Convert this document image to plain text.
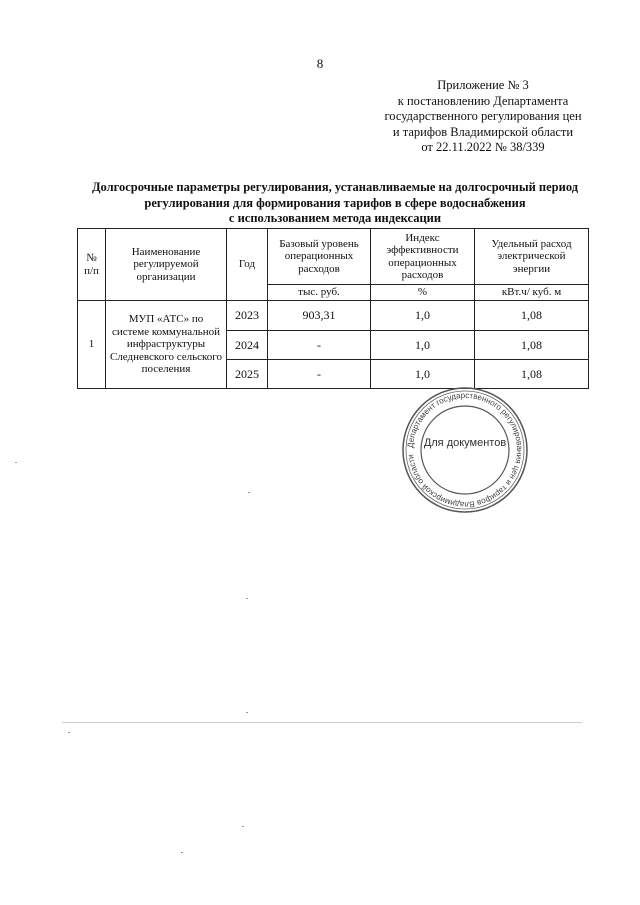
8
Приложение № 3
к постановлению Департамента
государственного регулирования цен
и тарифов Владимирской области
от 22.11.2022 № 38/339
Долгосрочные параметры регулирования, устанавливаемые на долгосрочный период
регулирования для формирования тарифов в сфере водоснабжения
с использованием метода индексации
№ п/п	Наименование регулируемой организации	Год	Базовый уровень операционных расходов	Индекс эффективности операционных расходов	Удельный расход электрической энергии
			тыс. руб.	%	кВт.ч/ куб. м
1	МУП «АТС» по системе коммунальной инфраструктуры Следневского сельского поселения	2023	903,31	1,0	1,08
		2024	-	1,0	1,08
		2025	-	1,0	1,08
Департамент государственного регулирования цен и тарифов Владимирской области
Для документов
